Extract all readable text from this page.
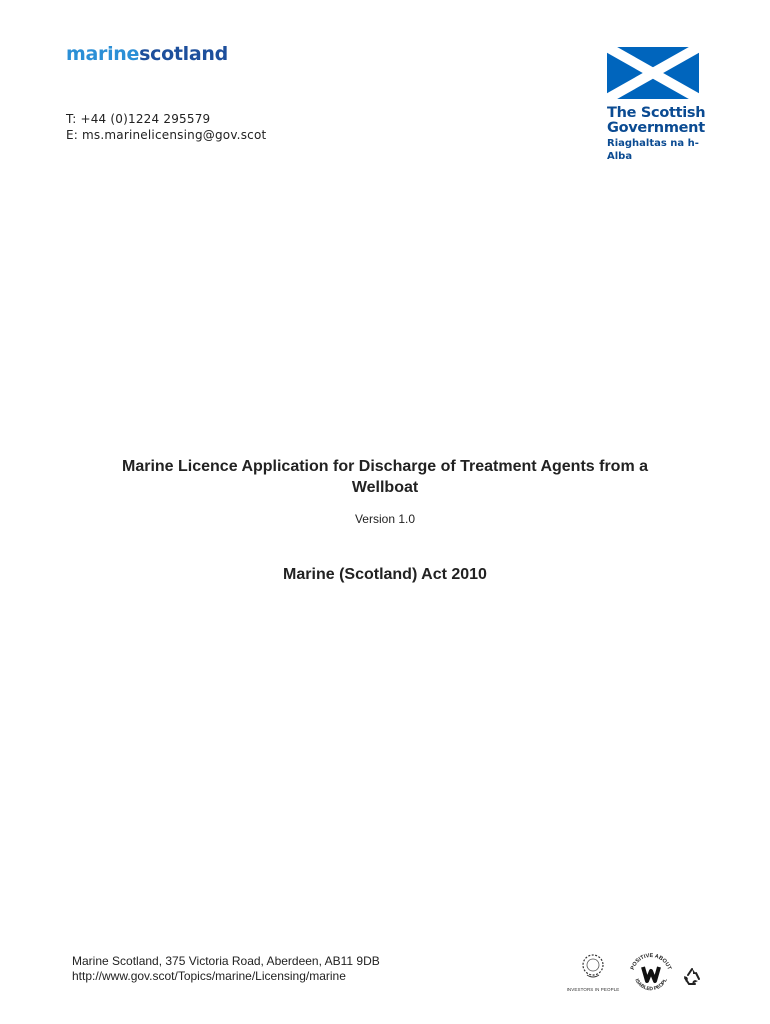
marinescotland
T: +44 (0)1224 295579
E: ms.marinelicensing@gov.scot
The Scottish
Government
Riaghaltas na h-Alba
Marine Licence Application for Discharge of Treatment Agents from a
Wellboat
Version 1.0
Marine (Scotland) Act 2010
Marine Scotland, 375 Victoria Road, Aberdeen, AB11 9DB
http://www.gov.scot/Topics/marine/Licensing/marine
INVESTORS IN PEOPLE
POSITIVE ABOUT
ISABLED PEOPL
